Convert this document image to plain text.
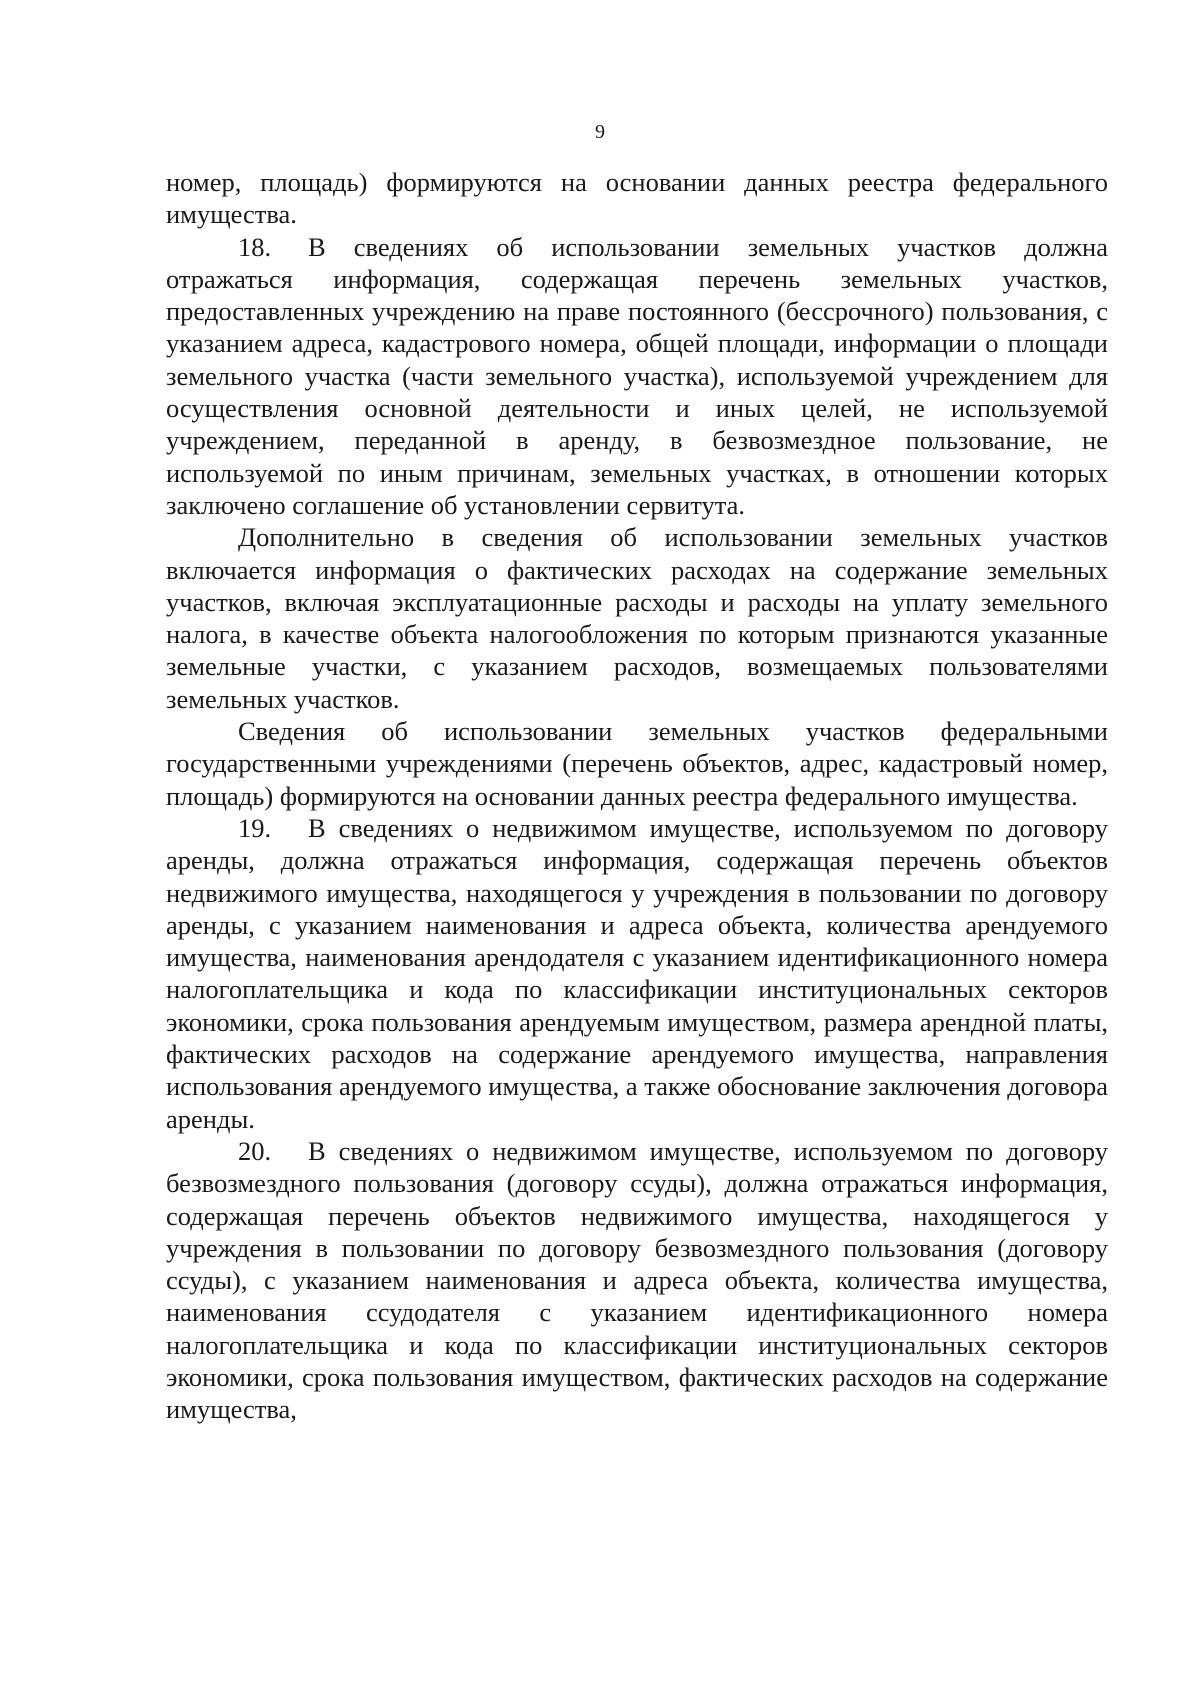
9

номер, площадь) формируются на основании данных реестра федерального имущества.

18. В сведениях об использовании земельных участков должна отражаться информация, содержащая перечень земельных участков, предоставленных учреждению на праве постоянного (бессрочного) пользования, с указанием адреса, кадастрового номера, общей площади, информации о площади земельного участка (части земельного участка), используемой учреждением для осуществления основной деятельности и иных целей, не используемой учреждением, переданной в аренду, в безвозмездное пользование, не используемой по иным причинам, земельных участках, в отношении которых заключено соглашение об установлении сервитута.

Дополнительно в сведения об использовании земельных участков включается информация о фактических расходах на содержание земельных участков, включая эксплуатационные расходы и расходы на уплату земельного налога, в качестве объекта налогообложения по которым признаются указанные земельные участки, с указанием расходов, возмещаемых пользователями земельных участков.

Сведения об использовании земельных участков федеральными государственными учреждениями (перечень объектов, адрес, кадастровый номер, площадь) формируются на основании данных реестра федерального имущества.

19. В сведениях о недвижимом имуществе, используемом по договору аренды, должна отражаться информация, содержащая перечень объектов недвижимого имущества, находящегося у учреждения в пользовании по договору аренды, с указанием наименования и адреса объекта, количества арендуемого имущества, наименования арендодателя с указанием идентификационного номера налогоплательщика и кода по классификации институциональных секторов экономики, срока пользования арендуемым имуществом, размера арендной платы, фактических расходов на содержание арендуемого имущества, направления использования арендуемого имущества, а также обоснование заключения договора аренды.

20. В сведениях о недвижимом имуществе, используемом по договору безвозмездного пользования (договору ссуды), должна отражаться информация, содержащая перечень объектов недвижимого имущества, находящегося у учреждения в пользовании по договору безвозмездного пользования (договору ссуды), с указанием наименования и адреса объекта, количества имущества, наименования ссудодателя с указанием идентификационного номера налогоплательщика и кода по классификации институциональных секторов экономики, срока пользования имуществом, фактических расходов на содержание имущества,
